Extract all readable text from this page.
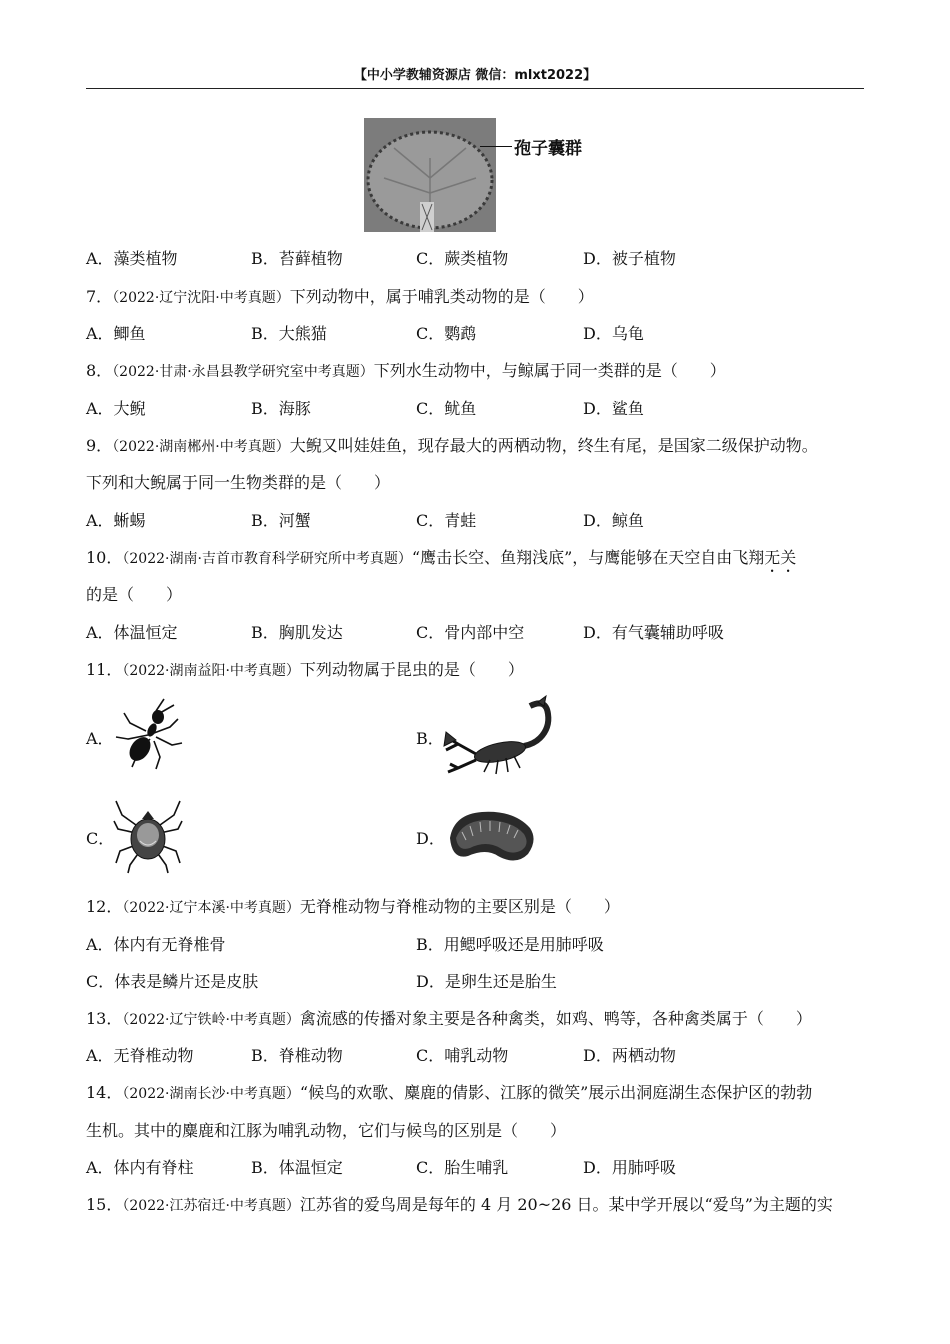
【中小学教辅资源店 微信：mlxt2022】
孢子囊群
A．藻类植物	B．苔藓植物	C．蕨类植物	D．被子植物
7．（2022·辽宁沈阳·中考真题）下列动物中，属于哺乳类动物的是（　　）
A．鲫鱼	B．大熊猫	C．鹦鹉	D．乌龟
8．（2022·甘肃·永昌县教学研究室中考真题）下列水生动物中，与鲸属于同一类群的是（　　）
A．大鲵	B．海豚	C．鱿鱼	D．鲨鱼
9．（2022·湖南郴州·中考真题）大鲵又叫娃娃鱼，现存最大的两栖动物，终生有尾，是国家二级保护动物。
下列和大鲵属于同一生物类群的是（　　）
A．蜥蜴	B．河蟹	C．青蛙	D．鲸鱼
10．（2022·湖南·吉首市教育科学研究所中考真题）“鹰击长空、鱼翔浅底”，与鹰能够在天空自由飞翔无关
的是（　　）
A．体温恒定	B．胸肌发达	C．骨内部中空	D．有气囊辅助呼吸
11．（2022·湖南益阳·中考真题）下列动物属于昆虫的是（　　）
A．	B．
C．	D．
12．（2022·辽宁本溪·中考真题）无脊椎动物与脊椎动物的主要区别是（　　）
A．体内有无脊椎骨	B．用鳃呼吸还是用肺呼吸
C．体表是鳞片还是皮肤	D．是卵生还是胎生
13．（2022·辽宁铁岭·中考真题）禽流感的传播对象主要是各种禽类，如鸡、鸭等，各种禽类属于（　　）
A．无脊椎动物	B．脊椎动物	C．哺乳动物	D．两栖动物
14．（2022·湖南长沙·中考真题）“候鸟的欢歌、麋鹿的倩影、江豚的微笑”展示出洞庭湖生态保护区的勃勃
生机。其中的麋鹿和江豚为哺乳动物，它们与候鸟的区别是（　　）
A．体内有脊柱	B．体温恒定	C．胎生哺乳	D．用肺呼吸
15．（2022·江苏宿迁·中考真题）江苏省的爱鸟周是每年的 4 月 20~26 日。某中学开展以“爱鸟”为主题的实
